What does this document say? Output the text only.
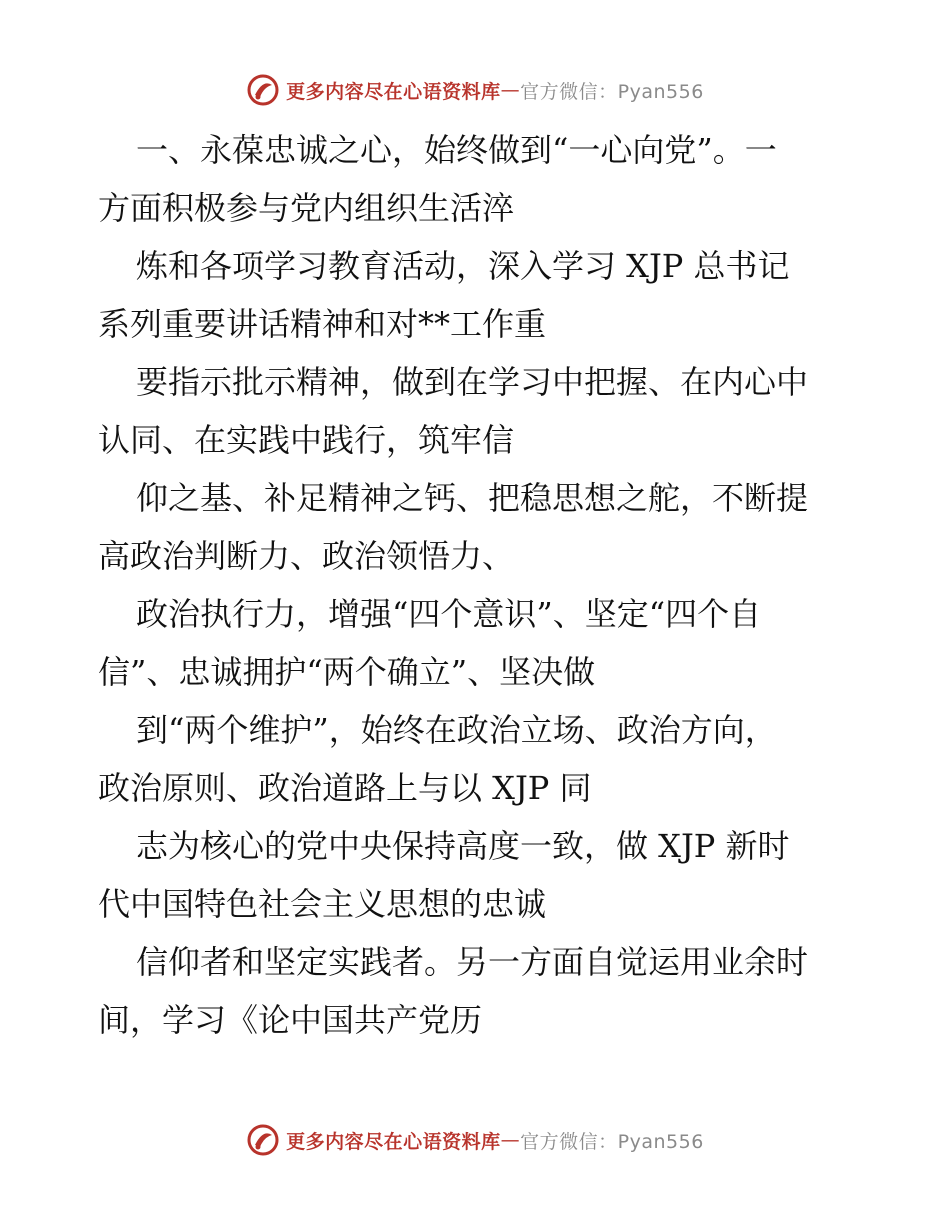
更多内容尽在心语资料库 — 官方微信：Pyan556
一、永葆忠诚之心，始终做到“一心向党”。一
方面积极参与党内组织生活淬
炼和各项学习教育活动，深入学习 XJP 总书记
系列重要讲话精神和对**工作重
要指示批示精神，做到在学习中把握、在内心中
认同、在实践中践行，筑牢信
仰之基、补足精神之钙、把稳思想之舵，不断提
高政治判断力、政治领悟力、
政治执行力，增强“四个意识”、坚定“四个自
信”、忠诚拥护“两个确立”、坚决做
到“两个维护”，始终在政治立场、政治方向，
政治原则、政治道路上与以 XJP 同
志为核心的党中央保持高度一致，做 XJP 新时
代中国特色社会主义思想的忠诚
信仰者和坚定实践者。另一方面自觉运用业余时
间，学习《论中国共产党历
更多内容尽在心语资料库 — 官方微信：Pyan556
